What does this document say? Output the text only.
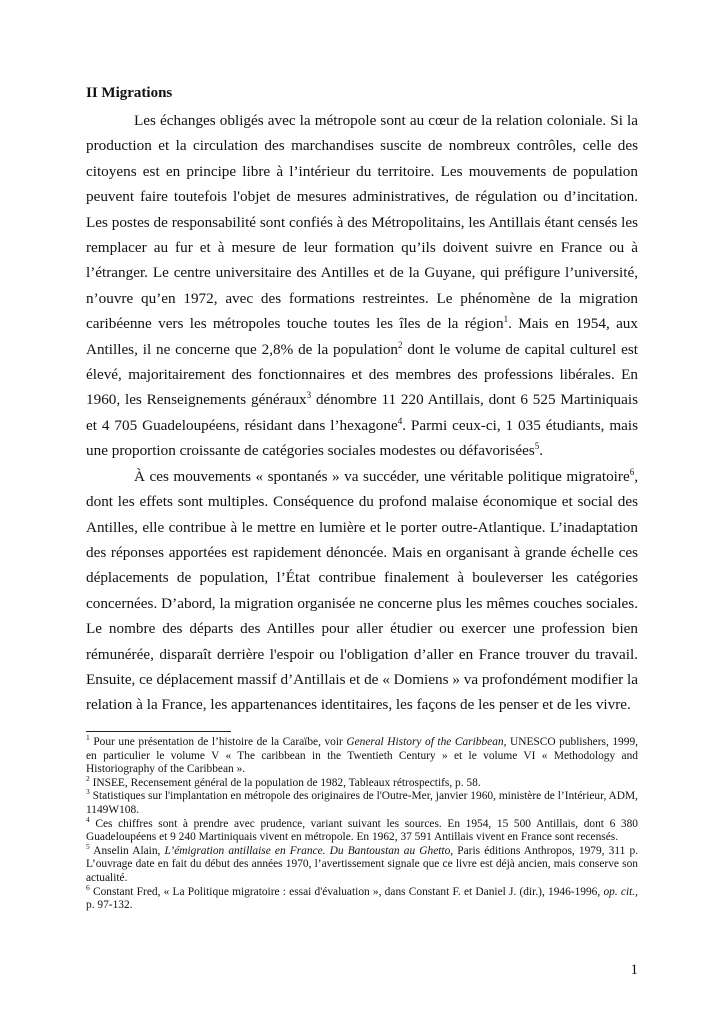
II Migrations

Les échanges obligés avec la métropole sont au cœur de la relation coloniale. Si la production et la circulation des marchandises suscite de nombreux contrôles, celle des citoyens est en principe libre à l’intérieur du territoire. Les mouvements de population peuvent faire toutefois l'objet de mesures administratives, de régulation ou d’incitation. Les postes de responsabilité sont confiés à des Métropolitains, les Antillais étant censés les remplacer au fur et à mesure de leur formation qu’ils doivent suivre en France ou à l’étranger. Le centre universitaire des Antilles et de la Guyane, qui préfigure l’université, n’ouvre qu’en 1972, avec des formations restreintes. Le phénomène de la migration caribéenne vers les métropoles touche toutes les îles de la région$^1$. Mais en 1954, aux Antilles, il ne concerne que 2,8% de la population$^2$ dont le volume de capital culturel est élevé, majoritairement des fonctionnaires et des membres des professions libérales. En 1960, les Renseignements généraux$^3$ dénombre 11 220 Antillais, dont 6 525 Martiniquais et 4 705 Guadeloupéens, résidant dans l’hexagone$^4$. Parmi ceux-ci, 1 035 étudiants, mais une proportion croissante de catégories sociales modestes ou défavorisées$^5$.

À ces mouvements « spontanés » va succéder, une véritable politique migratoire$^6$, dont les effets sont multiples. Conséquence du profond malaise économique et social des Antilles, elle contribue à le mettre en lumière et le porter outre-Atlantique. L’inadaptation des réponses apportées est rapidement dénoncée. Mais en organisant à grande échelle ces déplacements de population, l’État contribue finalement à bouleverser les catégories concernées. D’abord, la migration organisée ne concerne plus les mêmes couches sociales. Le nombre des départs des Antilles pour aller étudier ou exercer une profession bien rémunérée, disparaît derrière l'espoir ou l'obligation d’aller en France trouver du travail. Ensuite, ce déplacement massif d’Antillais et de « Domiens » va profondément modifier la relation à la France, les appartenances identitaires, les façons de les penser et de les vivre.

$^1$ Pour une présentation de l’histoire de la Caraïbe, voir General History of the Caribbean, UNESCO publishers, 1999, en particulier le volume V « The caribbean in the Twentieth Century » et le volume VI « Methodology and Historiography of the Caribbean ».

$^2$ INSEE, Recensement général de la population de 1982, Tableaux rétrospectifs, p. 58.

$^3$ Statistiques sur l'implantation en métropole des originaires de l'Outre-Mer, janvier 1960, ministère de l’Intérieur, ADM, 1149W108.

$^4$ Ces chiffres sont à prendre avec prudence, variant suivant les sources. En 1954, 15 500 Antillais, dont 6 380 Guadeloupéens et 9 240 Martiniquais vivent en métropole. En 1962, 37 591 Antillais vivent en France sont recensés.

$^5$ Anselin Alain, L’émigration antillaise en France. Du Bantoustan au Ghetto, Paris éditions Anthropos, 1979, 311 p. L’ouvrage date en fait du début des années 1970, l’avertissement signale que ce livre est déjà ancien, mais conserve son actualité.

$^6$ Constant Fred, « La Politique migratoire : essai d'évaluation », dans Constant F. et Daniel J. (dir.), 1946-1996, op. cit., p. 97-132.

1
